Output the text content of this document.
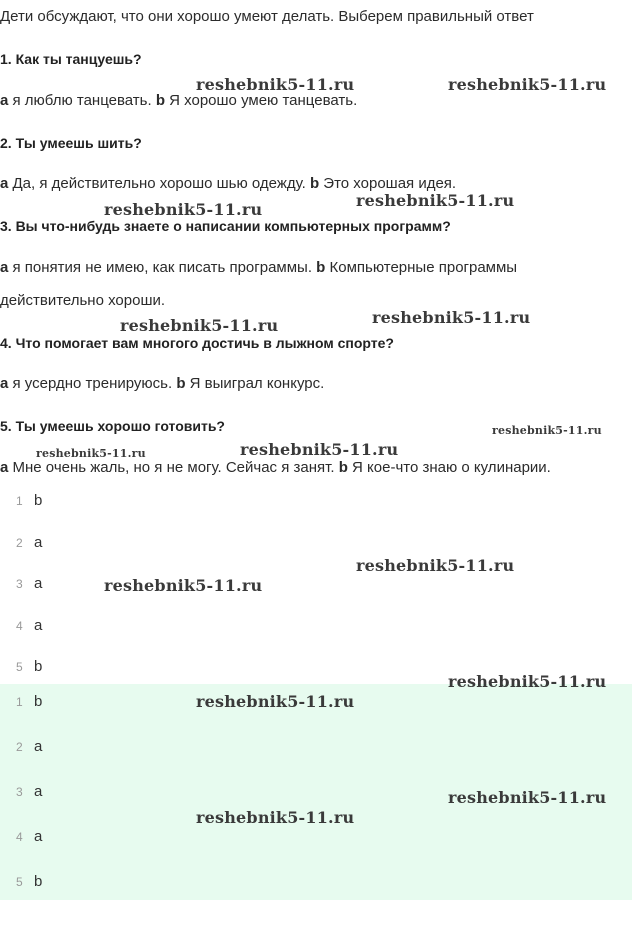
Дети обсуждают, что они хорошо умеют делать. Выберем правильный ответ
1. Как ты танцуешь?
a я люблю танцевать. b Я хорошо умею танцевать.
2. Ты умеешь шить?
a Да, я действительно хорошо шью одежду. b Это хорошая идея.
3. Вы что-нибудь знаете о написании компьютерных программ?
a я понятия не имею, как писать программы. b Компьютерные программы
действительно хороши.
4. Что помогает вам многого достичь в лыжном спорте?
a я усердно тренируюсь. b Я выиграл конкурс.
5. Ты умеешь хорошо готовить?
a Мне очень жаль, но я не могу. Сейчас я занят. b Я кое-что знаю о кулинарии.
1 b
2 a
3 a
4 a
5 b
1 b
2 a
3 a
4 a
5 b
reshebnik5-11.ru	reshebnik5-11.ru
reshebnik5-11.ru
reshebnik5-11.ru
reshebnik5-11.ru
reshebnik5-11.ru
reshebnik5-11.ru
reshebnik5-11.ru	reshebnik5-11.ru
reshebnik5-11.ru
reshebnik5-11.ru
reshebnik5-11.ru
reshebnik5-11.ru
reshebnik5-11.ru
reshebnik5-11.ru
